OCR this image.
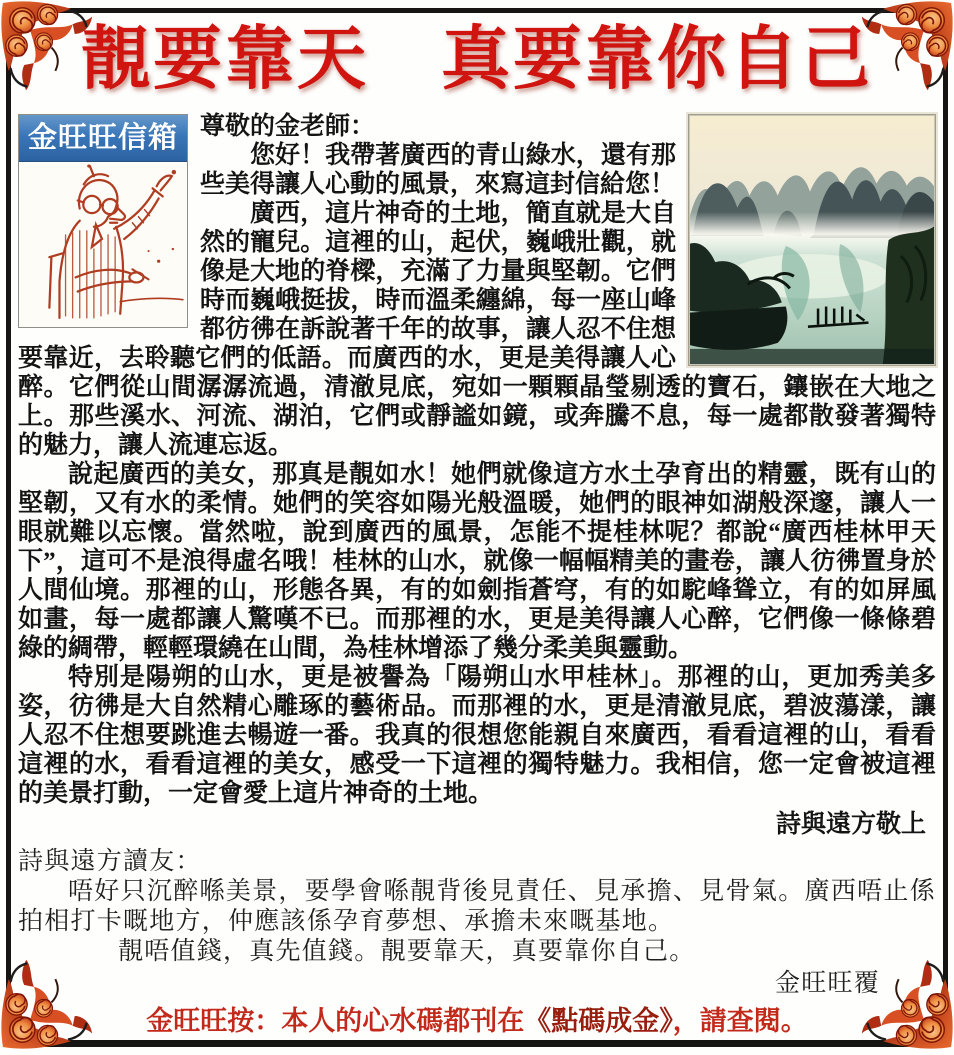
靚要靠天　真要靠你自己
金旺旺信箱 尊敬的金老師：

您好！我帶著廣西的青山綠水，還有那些美得讓人心動的風景，來寫這封信給您！

廣西，這片神奇的土地，簡直就是大自然的寵兒。這裡的山，起伏，巍峨壯觀，就像是大地的脊樑，充滿了力量與堅韌。它們時而巍峨挺拔，時而溫柔纏綿，每一座山峰都彷彿在訴說著千年的故事，讓人忍不住想要靠近，去聆聽它們的低語。而廣西的水，更是美得讓人心醉。它們從山間潺潺流過，清澈見底，宛如一顆顆晶瑩剔透的寶石，鑲嵌在大地之上。那些溪水、河流、湖泊，它們或靜謐如鏡，或奔騰不息，每一處都散發著獨特的魅力，讓人流連忘返。

說起廣西的美女，那真是靚如水！她們就像這方水土孕育出的精靈，既有山的堅韌，又有水的柔情。她們的笑容如陽光般溫暖，她們的眼神如湖般深邃，讓人一眼就難以忘懷。當然啦，說到廣西的風景，怎能不提桂林呢？都說“廣西桂林甲天下”，這可不是浪得虛名哦！桂林的山水，就像一幅幅精美的畫卷，讓人彷彿置身於人間仙境。那裡的山，形態各異，有的如劍指蒼穹，有的如駝峰聳立，有的如屏風如畫，每一處都讓人驚嘆不已。而那裡的水，更是美得讓人心醉，它們像一條條碧綠的綢帶，輕輕環繞在山間，為桂林增添了幾分柔美與靈動。

特別是陽朔的山水，更是被譽為「陽朔山水甲桂林」。那裡的山，更加秀美多姿，彷彿是大自然精心雕琢的藝術品。而那裡的水，更是清澈見底，碧波蕩漾，讓人忍不住想要跳進去暢遊一番。我真的很想您能親自來廣西，看看這裡的山，看看這裡的水，看看這裡的美女，感受一下這裡的獨特魅力。我相信，您一定會被這裡的美景打動，一定會愛上這片神奇的土地。

詩與遠方敬上

詩與遠方讀友：

唔好只沉醉喺美景，要學會喺靚背後見責任、見承擔、見骨氣。廣西唔止係拍相打卡嘅地方，仲應該係孕育夢想、承擔未來嘅基地。

靚唔值錢，真先值錢。靚要靠天，真要靠你自己。

金旺旺覆

金旺旺按：本人的心水碼都刊在《點碼成金》，請查閱。
